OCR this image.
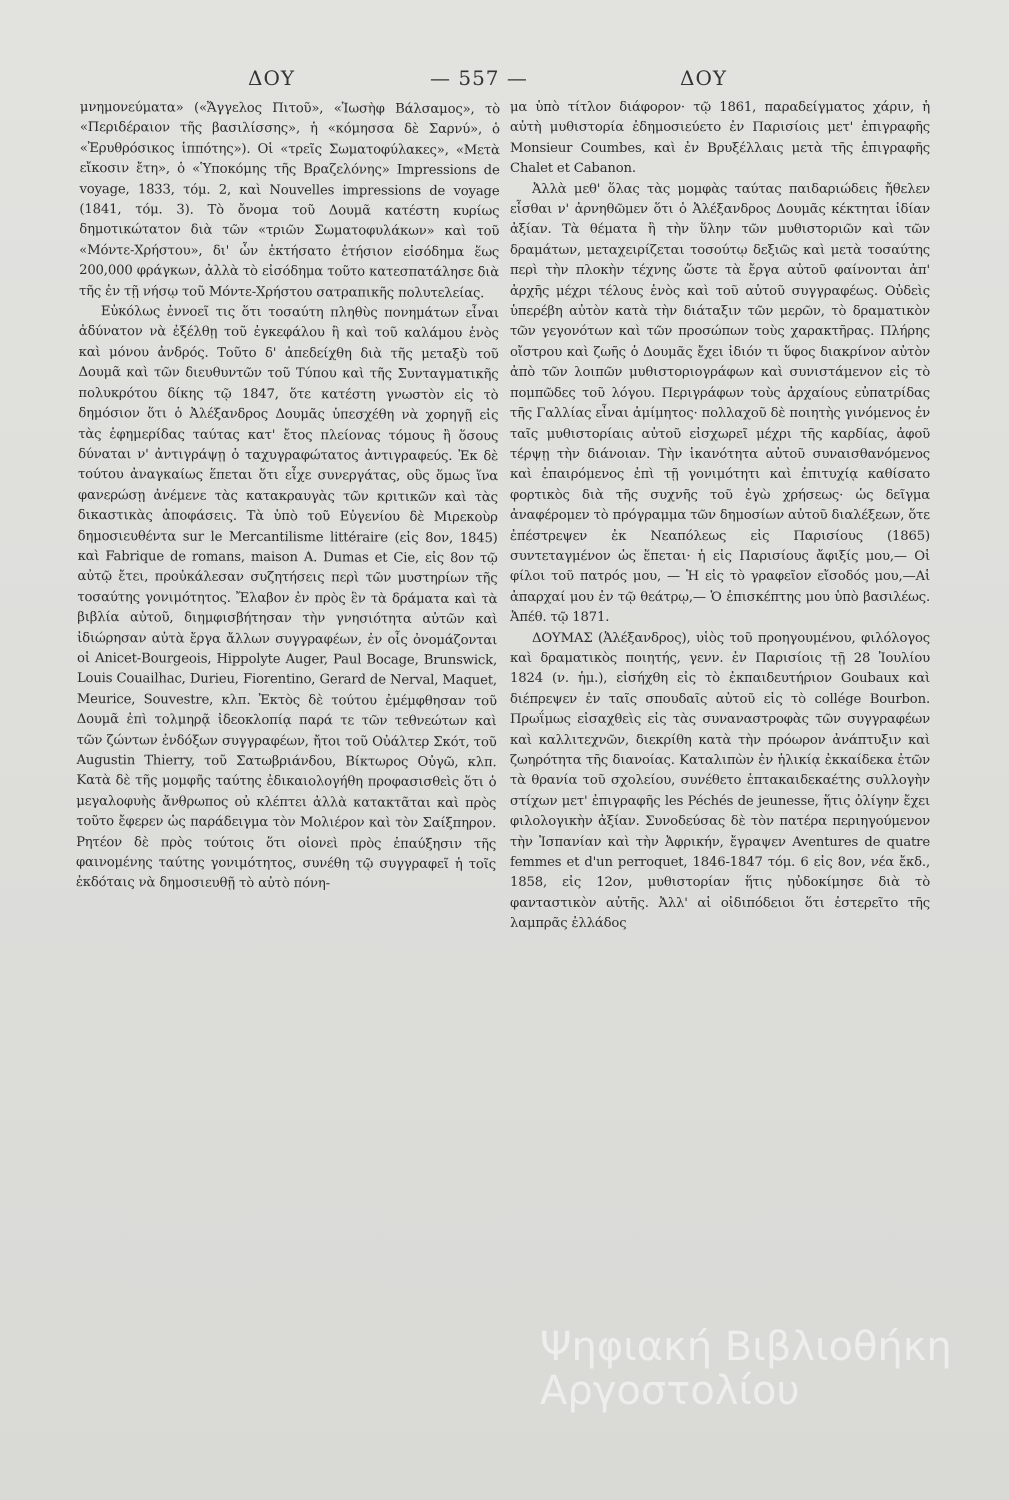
ΔΟΥ	— 557 —	ΔΟΥ

μνημονεύματα» («Ἄγγελος Πιτοῦ», «Ἰωσὴφ Βάλσαμος», τὸ «Περιδέραιον τῆς βασιλίσσης», ἡ «κόμησσα δὲ Σαρνύ», ὁ «Ἐρυθρόσικος ἱππότης»). Οἱ «τρεῖς Σωματοφύλακες», «Μετὰ εἴκοσιν ἔτη», ὁ «Ὑποκόμης τῆς Βραζελόνης» Impressions de voyage, 1833, τόμ. 2, καὶ Nouvelles impressions de voyage (1841, τόμ. 3). Τὸ ὄνομα τοῦ Δουμᾶ κατέστη κυρίως δημοτικώτατον διὰ τῶν «τριῶν Σωματοφυλάκων» καὶ τοῦ «Μόντε-Χρήστου», δι' ὧν ἐκτήσατο ἐτήσιον εἰσόδημα ἕως 200,000 φράγκων, ἀλλὰ τὸ εἰσόδημα τοῦτο κατεσπατάλησε διὰ τῆς ἐν τῇ νήσῳ τοῦ Μόντε-Χρήστου σατραπικῆς πολυτελείας.

Εὐκόλως ἐννοεῖ τις ὅτι τοσαύτη πληθὺς πονημάτων εἶναι ἀδύνατον νὰ ἐξέλθῃ τοῦ ἐγκεφάλου ἢ καὶ τοῦ καλάμου ἑνὸς καὶ μόνου ἀνδρός. Τοῦτο δ' ἀπεδείχθη διὰ τῆς μεταξὺ τοῦ Δουμᾶ καὶ τῶν διευθυντῶν τοῦ Τύπου καὶ τῆς Συνταγματικῆς πολυκρότου δίκης τῷ 1847, ὅτε κατέστη γνωστὸν εἰς τὸ δημόσιον ὅτι ὁ Ἀλέξανδρος Δουμᾶς ὑπεσχέθη νὰ χορηγῇ εἰς τὰς ἐφημερίδας ταύτας κατ' ἔτος πλείονας τόμους ἢ ὅσους δύναται ν' ἀντιγράψῃ ὁ ταχυγραφώτατος ἀντιγραφεύς. Ἐκ δὲ τούτου ἀναγκαίως ἕπεται ὅτι εἶχε συνεργάτας, οὓς ὅμως ἵνα φανερώσῃ ἀνέμενε τὰς κατακραυγὰς τῶν κριτικῶν καὶ τὰς δικαστικὰς ἀποφάσεις. Τὰ ὑπὸ τοῦ Εὐγενίου δὲ Μιρεκοὺρ δημοσιευθέντα sur le Mercantilisme littéraire (εἰς 8ον, 1845) καὶ Fabrique de romans, maison A. Dumas et Cie, εἰς 8ον τῷ αὐτῷ ἔτει, προὐκάλεσαν συζητήσεις περὶ τῶν μυστηρίων τῆς τοσαύτης γονιμότητος. Ἔλαβον ἐν πρὸς ἓν τὰ δράματα καὶ τὰ βιβλία αὐτοῦ, διημφισβήτησαν τὴν γνησιότητα αὐτῶν καὶ ἰδιώρησαν αὐτὰ ἔργα ἄλλων συγγραφέων, ἐν οἷς ὀνομάζονται οἱ Anicet-Bourgeois, Hippolyte Auger, Paul Bocage, Brunswick, Louis Couailhac, Durieu, Fiorentino, Gerard de Nerval, Maquet, Meurice, Souvestre, κλπ. Ἐκτὸς δὲ τούτου ἐμέμφθησαν τοῦ Δουμᾶ ἐπὶ τολμηρᾷ ἰδεοκλοπίᾳ παρά τε τῶν τεθνεώτων καὶ τῶν ζώντων ἐνδόξων συγγραφέων, ἤτοι τοῦ Οὐάλτερ Σκότ, τοῦ Augustin Thierry, τοῦ Σατωβριάνδου, Βίκτωρος Οὐγῶ, κλπ. Κατὰ δὲ τῆς μομφῆς ταύτης ἐδικαιολογήθη προφασισθεὶς ὅτι ὁ μεγαλοφυὴς ἄνθρωπος οὐ κλέπτει ἀλλὰ κατακτᾶται καὶ πρὸς τοῦτο ἔφερεν ὡς παράδειγμα τὸν Μολιέρον καὶ τὸν Σαίξπηρον. Ρητέον δὲ πρὸς τούτοις ὅτι οἱονεὶ πρὸς ἐπαύξησιν τῆς φαινομένης ταύτης γονιμότητος, συνέθη τῷ συγγραφεῖ ἡ τοῖς ἐκδόταις νὰ δημοσιευθῇ τὸ αὐτὸ πόνη-

μα ὑπὸ τίτλον διάφορον· τῷ 1861, παραδείγματος χάριν, ἡ αὐτὴ μυθιστορία ἐδημοσιεύετο ἐν Παρισίοις μετ' ἐπιγραφῆς Monsieur Coumbes, καὶ ἐν Βρυξέλλαις μετὰ τῆς ἐπιγραφῆς Chalet et Cabanon.

Ἀλλὰ μεθ' ὅλας τὰς μομφὰς ταύτας παιδαριώδεις ἤθελεν εἶσθαι ν' ἀρνηθῶμεν ὅτι ὁ Ἀλέξανδρος Δουμᾶς κέκτηται ἰδίαν ἀξίαν. Τὰ θέματα ἢ τὴν ὕλην τῶν μυθιστοριῶν καὶ τῶν δραμάτων, μεταχειρίζεται τοσούτῳ δεξιῶς καὶ μετὰ τοσαύτης περὶ τὴν πλοκὴν τέχνης ὥστε τὰ ἔργα αὐτοῦ φαίνονται ἀπ' ἀρχῆς μέχρι τέλους ἑνὸς καὶ τοῦ αὐτοῦ συγγραφέως. Οὐδεὶς ὑπερέβη αὐτὸν κατὰ τὴν διάταξιν τῶν μερῶν, τὸ δραματικὸν τῶν γεγονότων καὶ τῶν προσώπων τοὺς χαρακτῆρας. Πλήρης οἴστρου καὶ ζωῆς ὁ Δουμᾶς ἔχει ἰδιόν τι ὕφος διακρίνον αὐτὸν ἀπὸ τῶν λοιπῶν μυθιστοριογράφων καὶ συνιστάμενον εἰς τὸ πομπῶδες τοῦ λόγου. Περιγράφων τοὺς ἀρχαίους εὐπατρίδας τῆς Γαλλίας εἶναι ἀμίμητος· πολλαχοῦ δὲ ποιητὴς γινόμενος ἐν ταῖς μυθιστορίαις αὐτοῦ εἰσχωρεῖ μέχρι τῆς καρδίας, ἀφοῦ τέρψῃ τὴν διάνοιαν. Τὴν ἱκανότητα αὐτοῦ συναισθανόμενος καὶ ἐπαιρόμενος ἐπὶ τῇ γονιμότητι καὶ ἐπιτυχίᾳ καθίσατο φορτικὸς διὰ τῆς συχνῆς τοῦ ἐγὼ χρήσεως· ὡς δεῖγμα ἀναφέρομεν τὸ πρόγραμμα τῶν δημοσίων αὐτοῦ διαλέξεων, ὅτε ἐπέστρεψεν ἐκ Νεαπόλεως εἰς Παρισίους (1865) συντεταγμένον ὡς ἕπεται· ἡ εἰς Παρισίους ἄφιξίς μου,— Οἱ φίλοι τοῦ πατρός μου, — Ἡ εἰς τὸ γραφεῖον εἴσοδός μου,—Αἱ ἀπαρχαί μου ἐν τῷ θεάτρῳ,— Ὁ ἐπισκέπτης μου ὑπὸ βασιλέως. Ἀπέθ. τῷ 1871.

ΔΟΥΜΑΣ (Ἀλέξανδρος), υἱὸς τοῦ προηγουμένου, φιλόλογος καὶ δραματικὸς ποιητής, γενν. ἐν Παρισίοις τῇ 28 Ἰουλίου 1824 (ν. ἡμ.), εἰσήχθη εἰς τὸ ἐκπαιδευτήριον Goubaux καὶ διέπρεψεν ἐν ταῖς σπουδαῖς αὐτοῦ εἰς τὸ collége Bourbon. Πρωΐμως εἰσαχθεὶς εἰς τὰς συναναστροφὰς τῶν συγγραφέων καὶ καλλιτεχνῶν, διεκρίθη κατὰ τὴν πρόωρον ἀνάπτυξιν καὶ ζωηρότητα τῆς διανοίας. Καταλιπὼν ἐν ἡλικίᾳ ἐκκαίδεκα ἐτῶν τὰ θρανία τοῦ σχολείου, συνέθετο ἑπτακαιδεκαέτης συλλογὴν στίχων μετ' ἐπιγραφῆς les Péchés de jeunesse, ἥτις ὀλίγην ἔχει φιλολογικὴν ἀξίαν. Συνοδεύσας δὲ τὸν πατέρα περιηγούμενον τὴν Ἱσπανίαν καὶ τὴν Ἀφρικήν, ἔγραψεν Aventures de quatre femmes et d'un perroquet, 1846-1847 τόμ. 6 εἰς 8ον, νέα ἔκδ., 1858, εἰς 12ον, μυθιστορίαν ἥτις ηὐδοκίμησε διὰ τὸ φανταστικὸν αὐτῆς. Ἀλλ' αἱ οἰδιπόδειοι ὅτι ἐστερεῖτο τῆς λαμπρᾶς ἐλλάδος

Ψηφιακή Βιβλιοθήκη
Αργοστολίου
